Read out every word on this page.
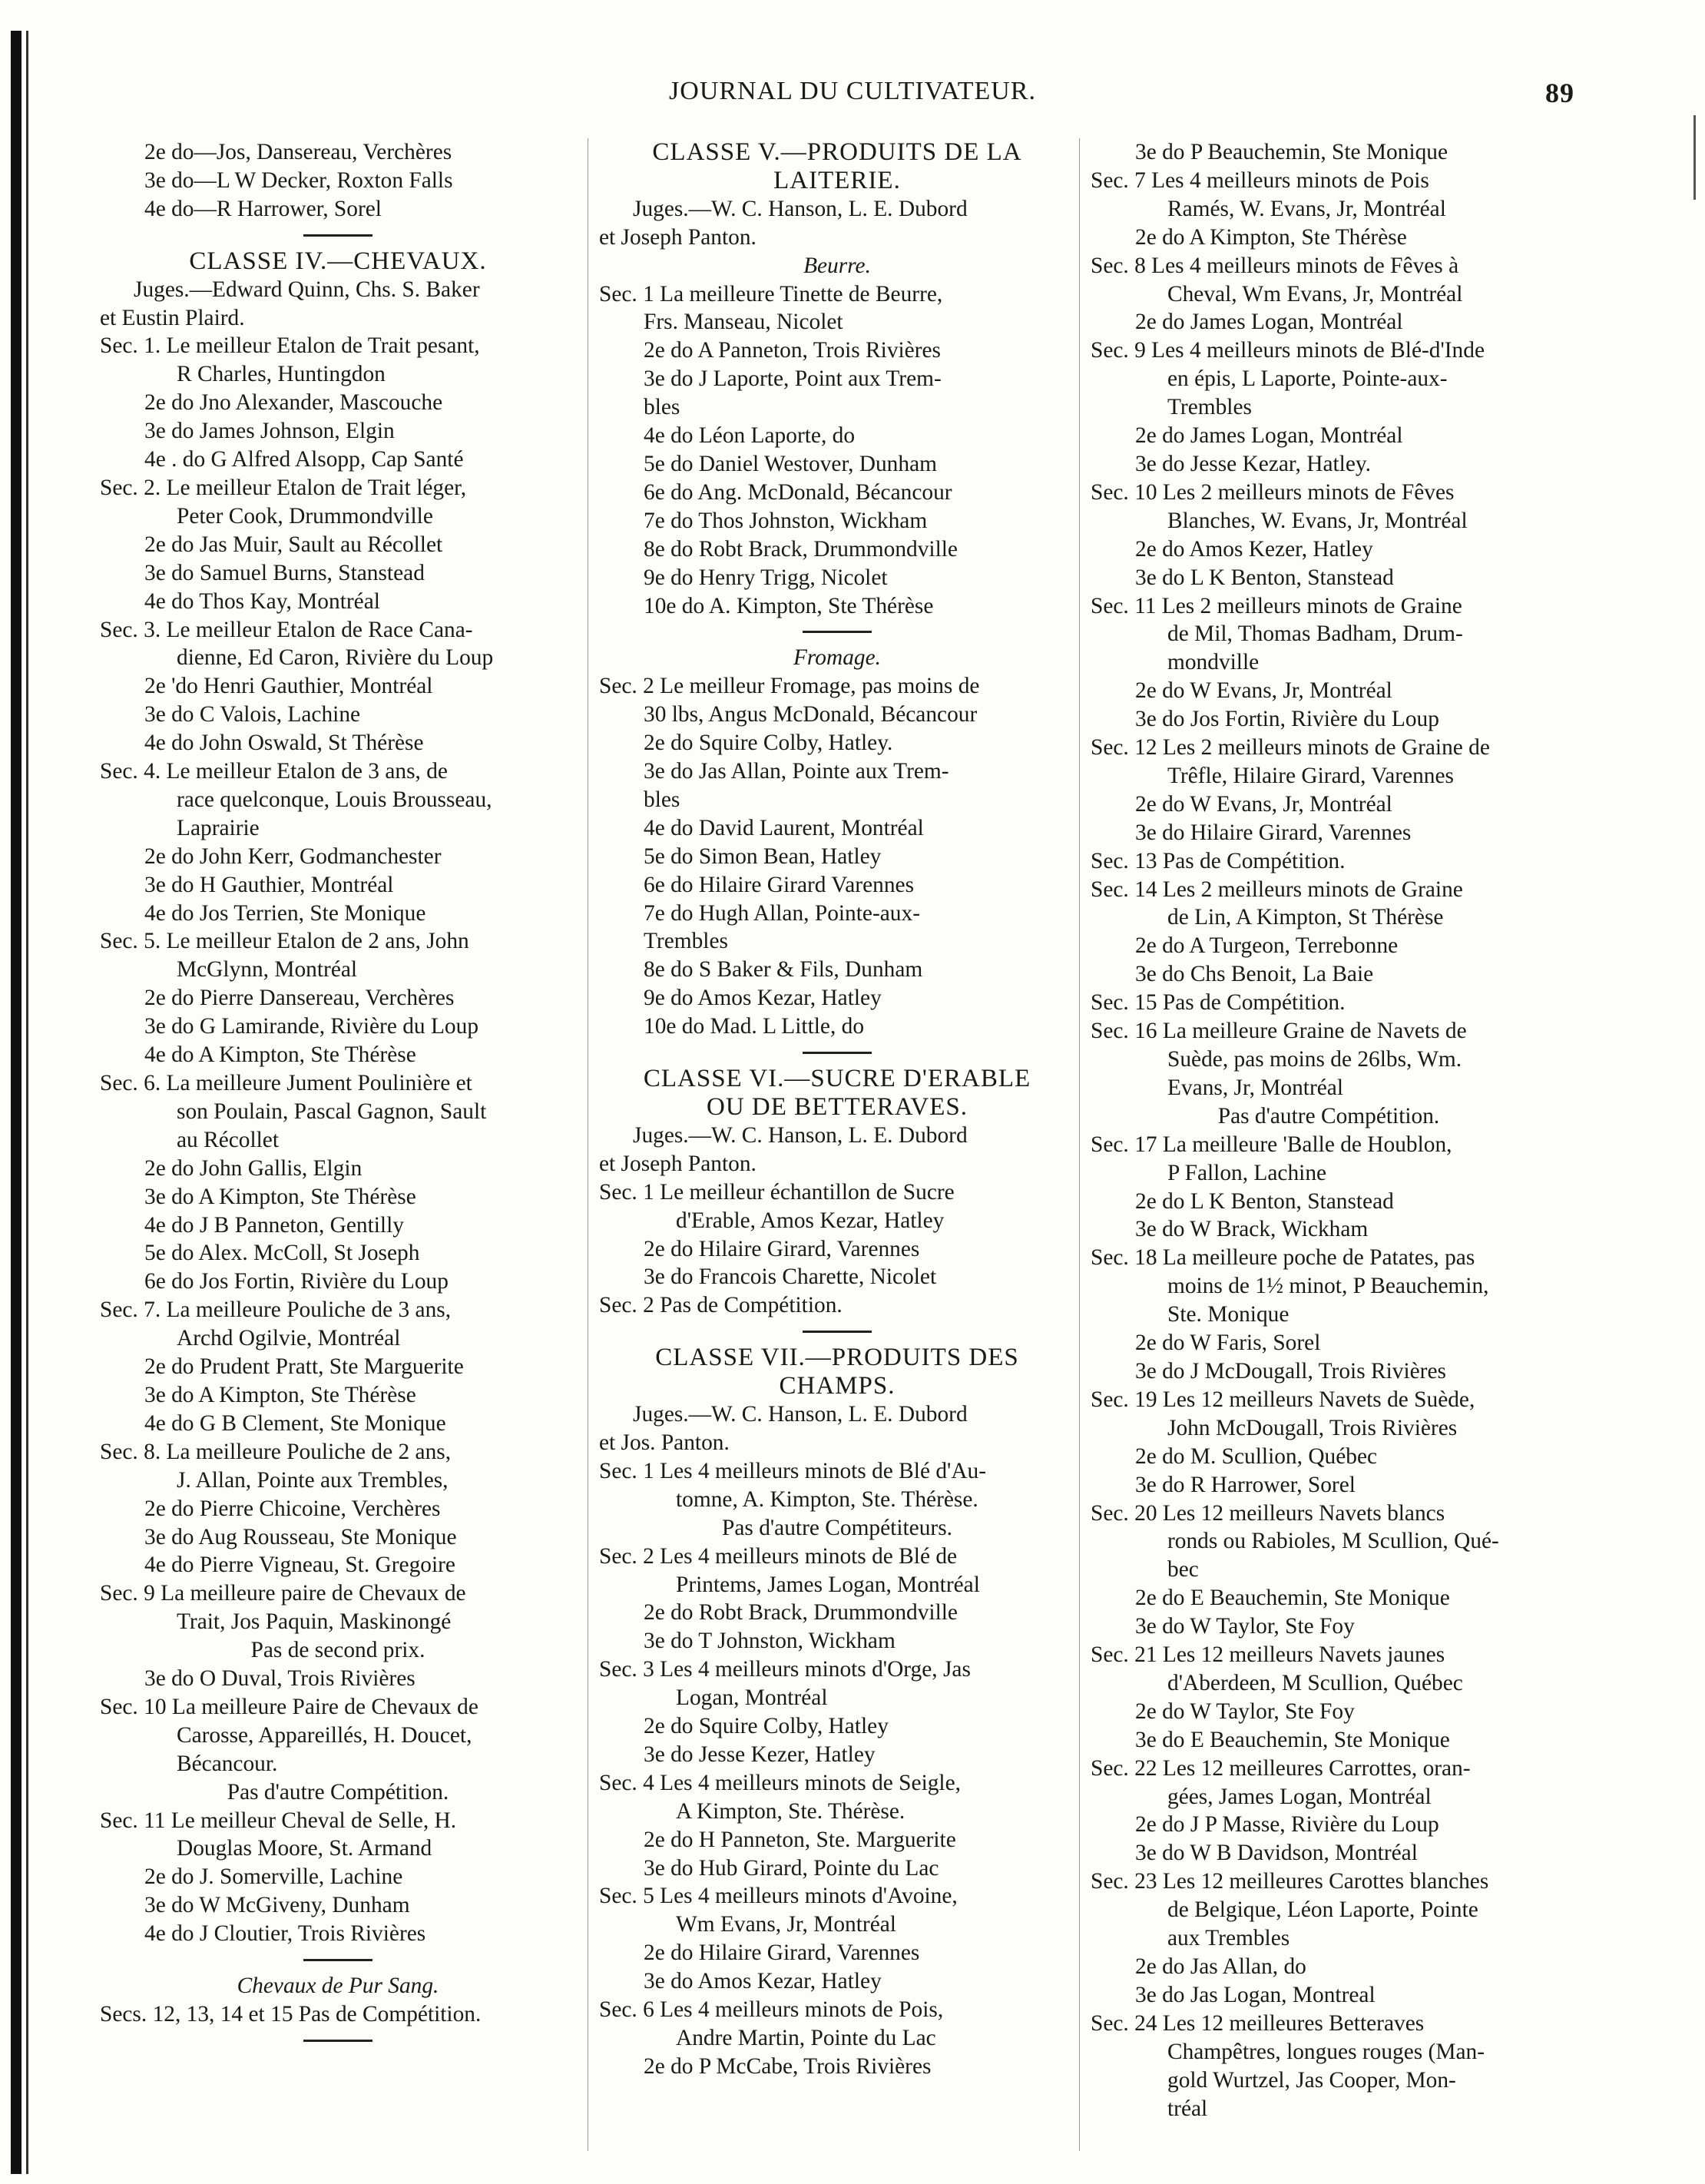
JOURNAL DU CULTIVATEUR.	89
2e do—Jos, Dansereau, Verchères
3e do—L W Decker, Roxton Falls
4e do—R Harrower, Sorel
CLASSE IV.—CHEVAUX.
Juges.—Edward Quinn, Chs. S. Baker
et Eustin Plaird.
Sec. 1. Le meilleur Etalon de Trait pesant,
R Charles, Huntingdon
2e do Jno Alexander, Mascouche
3e do James Johnson, Elgin
4e . do G Alfred Alsopp, Cap Santé
Sec. 2. Le meilleur Etalon de Trait léger,
Peter Cook, Drummondville
2e do Jas Muir, Sault au Récollet
3e do Samuel Burns, Stanstead
4e do Thos Kay, Montréal
Sec. 3. Le meilleur Etalon de Race Cana-
dienne, Ed Caron, Rivière du Loup
2e 'do Henri Gauthier, Montréal
3e do C Valois, Lachine
4e do John Oswald, St Thérèse
Sec. 4. Le meilleur Etalon de 3 ans, de
race quelconque, Louis Brousseau,
Laprairie
2e do John Kerr, Godmanchester
3e do H Gauthier, Montréal
4e do Jos Terrien, Ste Monique
Sec. 5. Le meilleur Etalon de 2 ans, John
McGlynn, Montréal
2e do Pierre Dansereau, Verchères
3e do G Lamirande, Rivière du Loup
4e do A Kimpton, Ste Thérèse
Sec. 6. La meilleure Jument Poulinière et
son Poulain, Pascal Gagnon, Sault
au Récollet
2e do John Gallis, Elgin
3e do A Kimpton, Ste Thérèse
4e do J B Panneton, Gentilly
5e do Alex. McColl, St Joseph
6e do Jos Fortin, Rivière du Loup
Sec. 7. La meilleure Pouliche de 3 ans,
Archd Ogilvie, Montréal
2e do Prudent Pratt, Ste Marguerite
3e do A Kimpton, Ste Thérèse
4e do G B Clement, Ste Monique
Sec. 8. La meilleure Pouliche de 2 ans,
J. Allan, Pointe aux Trembles,
2e do Pierre Chicoine, Verchères
3e do Aug Rousseau, Ste Monique
4e do Pierre Vigneau, St. Gregoire
Sec. 9 La meilleure paire de Chevaux de
Trait, Jos Paquin, Maskinongé
Pas de second prix.
3e do O Duval, Trois Rivières
Sec. 10 La meilleure Paire de Chevaux de
Carosse, Appareillés, H. Doucet,
Bécancour.
Pas d'autre Compétition.
Sec. 11 Le meilleur Cheval de Selle, H.
Douglas Moore, St. Armand
2e do J. Somerville, Lachine
3e do W McGiveny, Dunham
4e do J Cloutier, Trois Rivières
Chevaux de Pur Sang.
Secs. 12, 13, 14 et 15 Pas de Compétition.
CLASSE V.—PRODUITS DE LA
LAITERIE.
Juges.—W. C. Hanson, L. E. Dubord
et Joseph Panton.
Beurre.
Sec. 1 La meilleure Tinette de Beurre,
Frs. Manseau, Nicolet
2e do A Panneton, Trois Rivières
3e do J Laporte, Point aux Trem-
bles
4e do Léon Laporte, do
5e do Daniel Westover, Dunham
6e do Ang. McDonald, Bécancour
7e do Thos Johnston, Wickham
8e do Robt Brack, Drummondville
9e do Henry Trigg, Nicolet
10e do A. Kimpton, Ste Thérèse
Fromage.
Sec. 2 Le meilleur Fromage, pas moins de
30 lbs, Angus McDonald, Bécancour
2e do Squire Colby, Hatley.
3e do Jas Allan, Pointe aux Trem-
bles
4e do David Laurent, Montréal
5e do Simon Bean, Hatley
6e do Hilaire Girard Varennes
7e do Hugh Allan, Pointe-aux-
Trembles
8e do S Baker & Fils, Dunham
9e do Amos Kezar, Hatley
10e do Mad. L Little, do
CLASSE VI.—SUCRE D'ERABLE
OU DE BETTERAVES.
Juges.—W. C. Hanson, L. E. Dubord
et Joseph Panton.
Sec. 1 Le meilleur échantillon de Sucre
d'Erable, Amos Kezar, Hatley
2e do Hilaire Girard, Varennes
3e do Francois Charette, Nicolet
Sec. 2 Pas de Compétition.
CLASSE VII.—PRODUITS DES
CHAMPS.
Juges.—W. C. Hanson, L. E. Dubord
et Jos. Panton.
Sec. 1 Les 4 meilleurs minots de Blé d'Au-
tomne, A. Kimpton, Ste. Thérèse.
Pas d'autre Compétiteurs.
Sec. 2 Les 4 meilleurs minots de Blé de
Printems, James Logan, Montréal
2e do Robt Brack, Drummondville
3e do T Johnston, Wickham
Sec. 3 Les 4 meilleurs minots d'Orge, Jas
Logan, Montréal
2e do Squire Colby, Hatley
3e do Jesse Kezer, Hatley
Sec. 4 Les 4 meilleurs minots de Seigle,
A Kimpton, Ste. Thérèse.
2e do H Panneton, Ste. Marguerite
3e do Hub Girard, Pointe du Lac
Sec. 5 Les 4 meilleurs minots d'Avoine,
Wm Evans, Jr, Montréal
2e do Hilaire Girard, Varennes
3e do Amos Kezar, Hatley
Sec. 6 Les 4 meilleurs minots de Pois,
Andre Martin, Pointe du Lac
2e do P McCabe, Trois Rivières
3e do P Beauchemin, Ste Monique
Sec. 7 Les 4 meilleurs minots de Pois
Ramés, W. Evans, Jr, Montréal
2e do A Kimpton, Ste Thérèse
Sec. 8 Les 4 meilleurs minots de Fêves à
Cheval, Wm Evans, Jr, Montréal
2e do James Logan, Montréal
Sec. 9 Les 4 meilleurs minots de Blé-d'Inde
en épis, L Laporte, Pointe-aux-
Trembles
2e do James Logan, Montréal
3e do Jesse Kezar, Hatley.
Sec. 10 Les 2 meilleurs minots de Fêves
Blanches, W. Evans, Jr, Montréal
2e do Amos Kezer, Hatley
3e do L K Benton, Stanstead
Sec. 11 Les 2 meilleurs minots de Graine
de Mil, Thomas Badham, Drum-
mondville
2e do W Evans, Jr, Montréal
3e do Jos Fortin, Rivière du Loup
Sec. 12 Les 2 meilleurs minots de Graine de
Trêfle, Hilaire Girard, Varennes
2e do W Evans, Jr, Montréal
3e do Hilaire Girard, Varennes
Sec. 13 Pas de Compétition.
Sec. 14 Les 2 meilleurs minots de Graine
de Lin, A Kimpton, St Thérèse
2e do A Turgeon, Terrebonne
3e do Chs Benoit, La Baie
Sec. 15 Pas de Compétition.
Sec. 16 La meilleure Graine de Navets de
Suède, pas moins de 26lbs, Wm.
Evans, Jr, Montréal
Pas d'autre Compétition.
Sec. 17 La meilleure 'Balle de Houblon,
P Fallon, Lachine
2e do L K Benton, Stanstead
3e do W Brack, Wickham
Sec. 18 La meilleure poche de Patates, pas
moins de 1½ minot, P Beauchemin,
Ste. Monique
2e do W Faris, Sorel
3e do J McDougall, Trois Rivières
Sec. 19 Les 12 meilleurs Navets de Suède,
John McDougall, Trois Rivières
2e do M. Scullion, Québec
3e do R Harrower, Sorel
Sec. 20 Les 12 meilleurs Navets blancs
ronds ou Rabioles, M Scullion, Qué-
bec
2e do E Beauchemin, Ste Monique
3e do W Taylor, Ste Foy
Sec. 21 Les 12 meilleurs Navets jaunes
d'Aberdeen, M Scullion, Québec
2e do W Taylor, Ste Foy
3e do E Beauchemin, Ste Monique
Sec. 22 Les 12 meilleures Carrottes, oran-
gées, James Logan, Montréal
2e do J P Masse, Rivière du Loup
3e do W B Davidson, Montréal
Sec. 23 Les 12 meilleures Carottes blanches
de Belgique, Léon Laporte, Pointe
aux Trembles
2e do Jas Allan, do
3e do Jas Logan, Montreal
Sec. 24 Les 12 meilleures Betteraves
Champêtres, longues rouges (Man-
gold Wurtzel, Jas Cooper, Mon-
tréal
